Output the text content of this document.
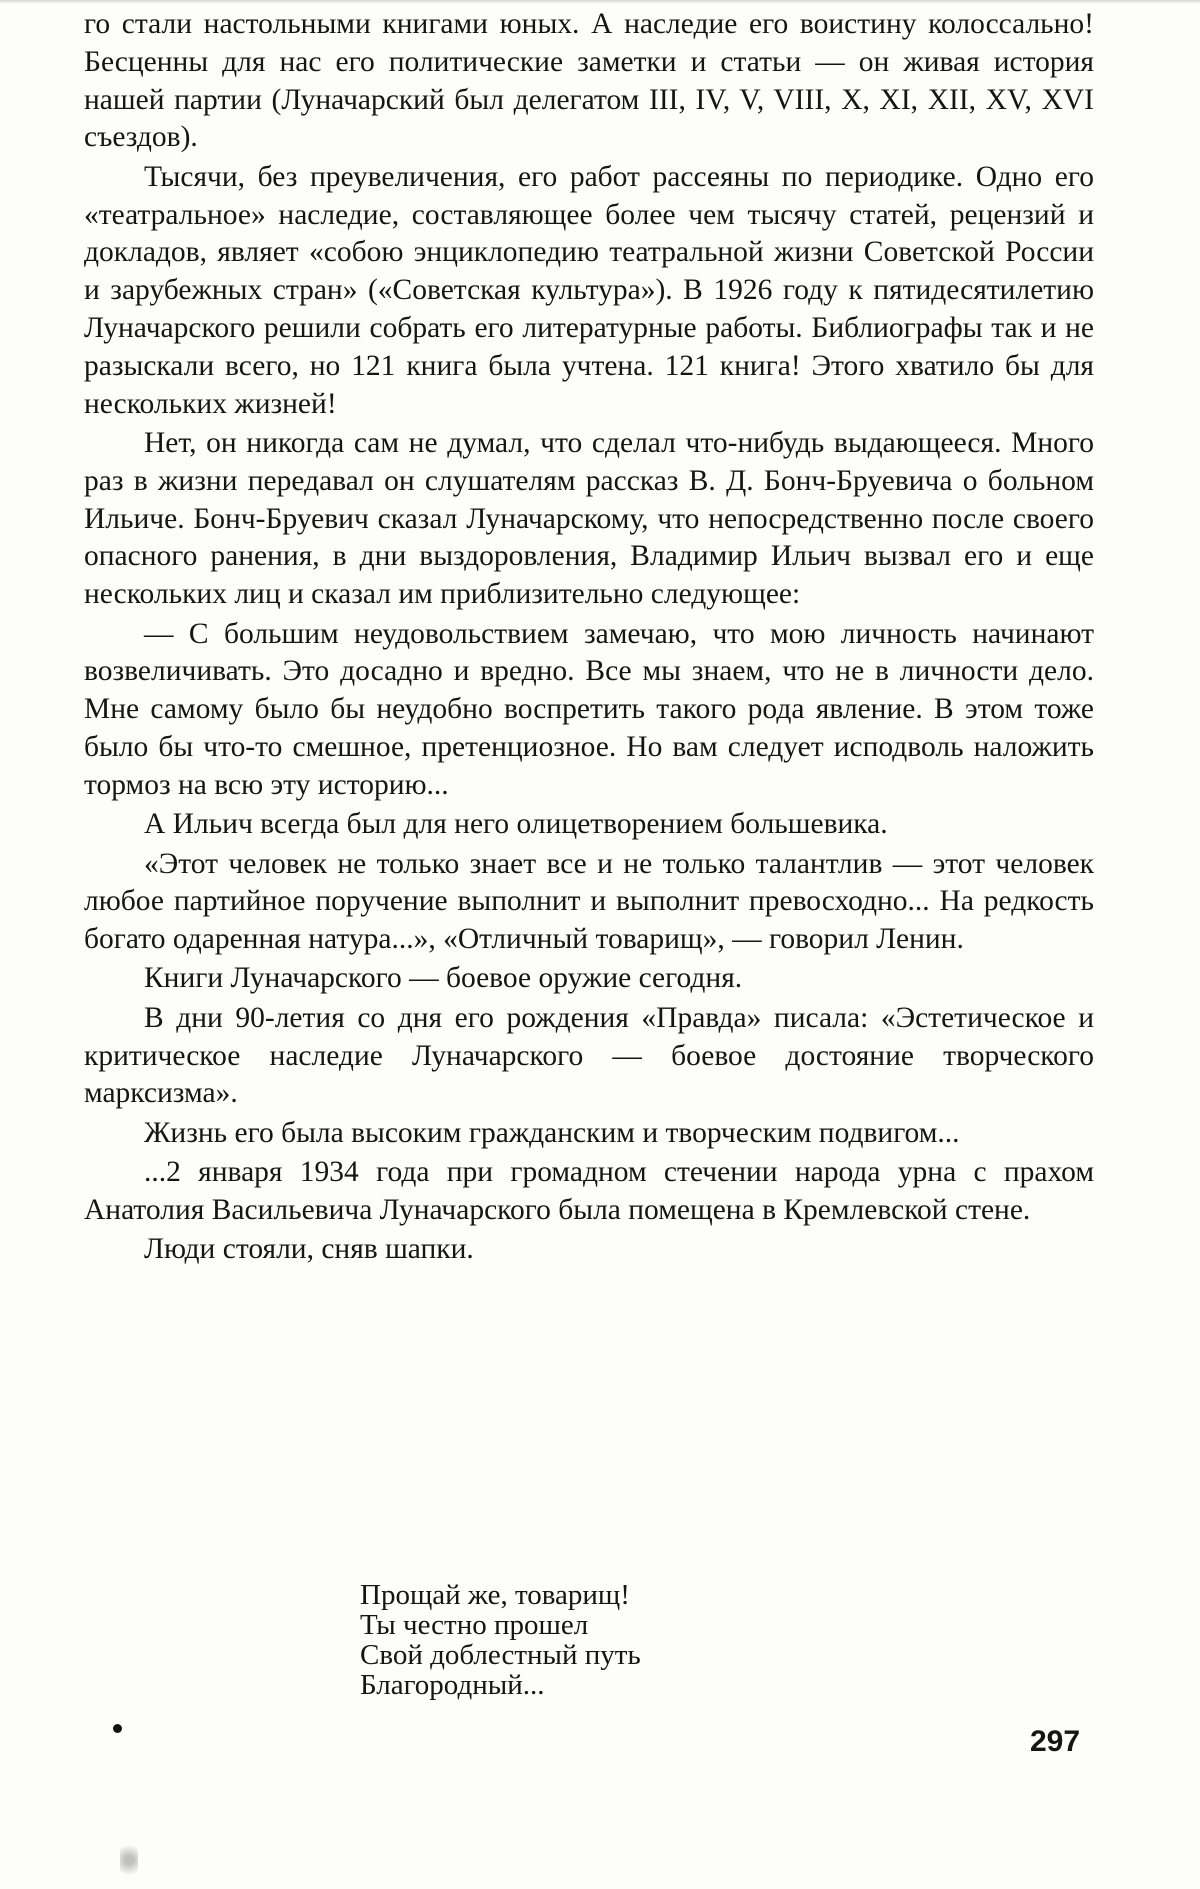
го стали настольными книгами юных. А наследие его воистину колоссально! Бесценны для нас его политические заметки и статьи — он живая история нашей партии (Луначарский был делегатом III, IV, V, VIII, X, XI, XII, XV, XVI съездов).

Тысячи, без преувеличения, его работ рассеяны по периодике. Одно его «театральное» наследие, составляющее более чем тысячу статей, рецензий и докладов, являет «собою энциклопедию театральной жизни Советской России и зарубежных стран» («Советская культура»). В 1926 году к пятидесятилетию Луначарского решили собрать его литературные работы. Библиографы так и не разыскали всего, но 121 книга была учтена. 121 книга! Этого хватило бы для нескольких жизней!

Нет, он никогда сам не думал, что сделал что-нибудь выдающееся. Много раз в жизни передавал он слушателям рассказ В. Д. Бонч-Бруевича о больном Ильиче. Бонч-Бруевич сказал Луначарскому, что непосредственно после своего опасного ранения, в дни выздоровления, Владимир Ильич вызвал его и еще нескольких лиц и сказал им приблизительно следующее:

— С большим неудовольствием замечаю, что мою личность начинают возвеличивать. Это досадно и вредно. Все мы знаем, что не в личности дело. Мне самому было бы неудобно воспретить такого рода явление. В этом тоже было бы что-то смешное, претенциозное. Но вам следует исподволь наложить тормоз на всю эту историю...

А Ильич всегда был для него олицетворением большевика.

«Этот человек не только знает все и не только талантлив — этот человек любое партийное поручение выполнит и выполнит превосходно... На редкость богато одаренная натура...», «Отличный товарищ», — говорил Ленин.

Книги Луначарского — боевое оружие сегодня.

В дни 90-летия со дня его рождения «Правда» писала: «Эстетическое и критическое наследие Луначарского — боевое достояние творческого марксизма».

Жизнь его была высоким гражданским и творческим подвигом...

...2 января 1934 года при громадном стечении народа урна с прахом Анатолия Васильевича Луначарского была помещена в Кремлевской стене.

Люди стояли, сняв шапки.

Прощай же, товарищ!
Ты честно прошел
Свой доблестный путь
Благородный...
297
